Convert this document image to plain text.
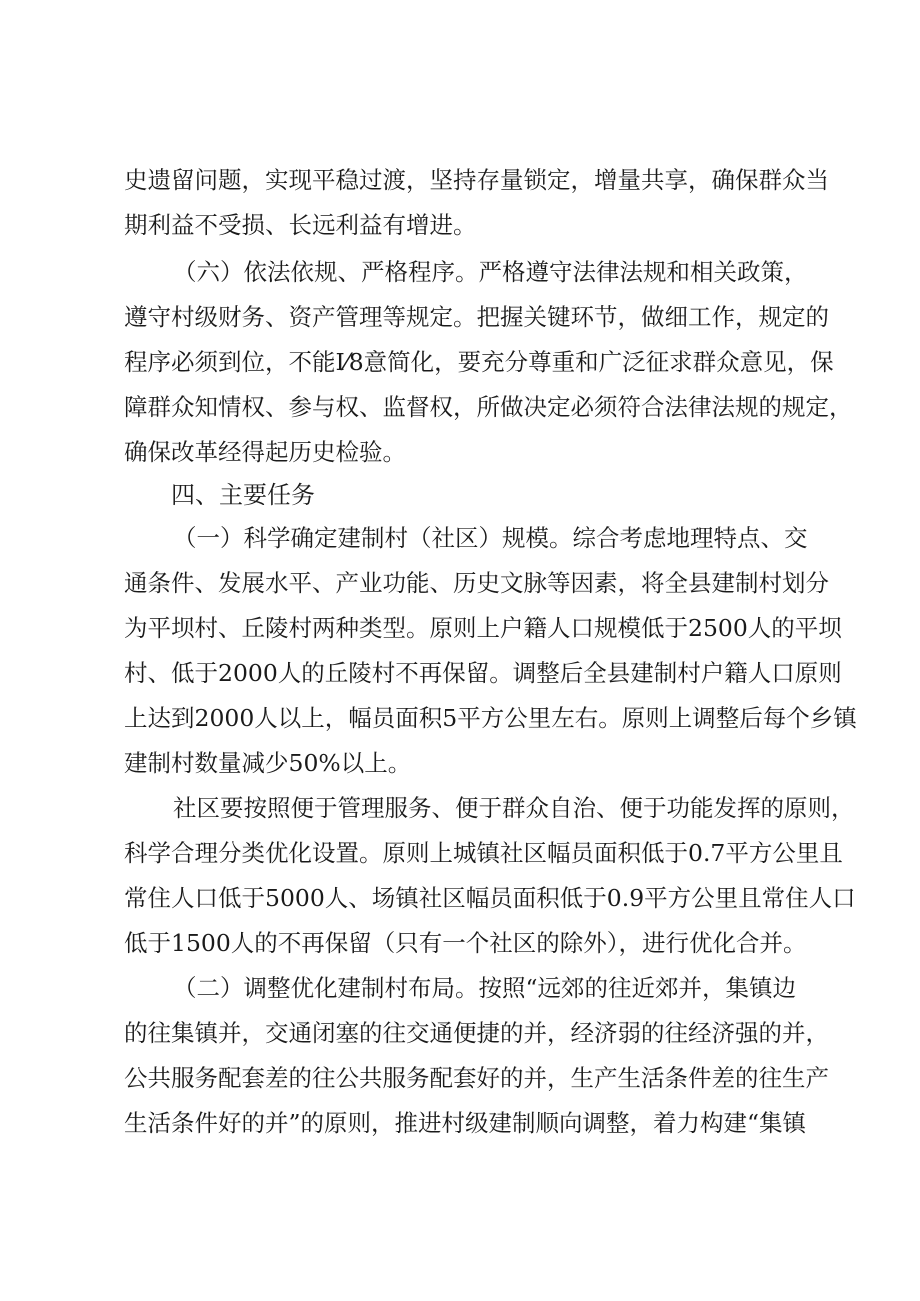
史遗留问题，实现平稳过渡，坚持存量锁定，增量共享，确保群众当
期利益不受损、长远利益有增进。
（六）依法依规、严格程序。严格遵守法律法规和相关政策，
遵守村级财务、资产管理等规定。把握关键环节，做细工作，规定的
程序必须到位，不能Ⅰ⁄8意简化，要充分尊重和广泛征求群众意见，保
障群众知情权、参与权、监督权，所做决定必须符合法律法规的规定，
确保改革经得起历史检验。
四、主要任务
（一）科学确定建制村（社区）规模。综合考虑地理特点、交
通条件、发展水平、产业功能、历史文脉等因素，将全县建制村划分
为平坝村、丘陵村两种类型。原则上户籍人口规模低于2500人的平坝
村、低于2000人的丘陵村不再保留。调整后全县建制村户籍人口原则
上达到2000人以上，幅员面积5平方公里左右。原则上调整后每个乡镇
建制村数量减少50%以上。
社区要按照便于管理服务、便于群众自治、便于功能发挥的原则，
科学合理分类优化设置。原则上城镇社区幅员面积低于0.7平方公里且
常住人口低于5000人、场镇社区幅员面积低于0.9平方公里且常住人口
低于1500人的不再保留（只有一个社区的除外），进行优化合并。
（二）调整优化建制村布局。按照“远郊的往近郊并，集镇边
的往集镇并，交通闭塞的往交通便捷的并，经济弱的往经济强的并，
公共服务配套差的往公共服务配套好的并，生产生活条件差的往生产
生活条件好的并”的原则，推进村级建制顺向调整，着力构建“集镇
